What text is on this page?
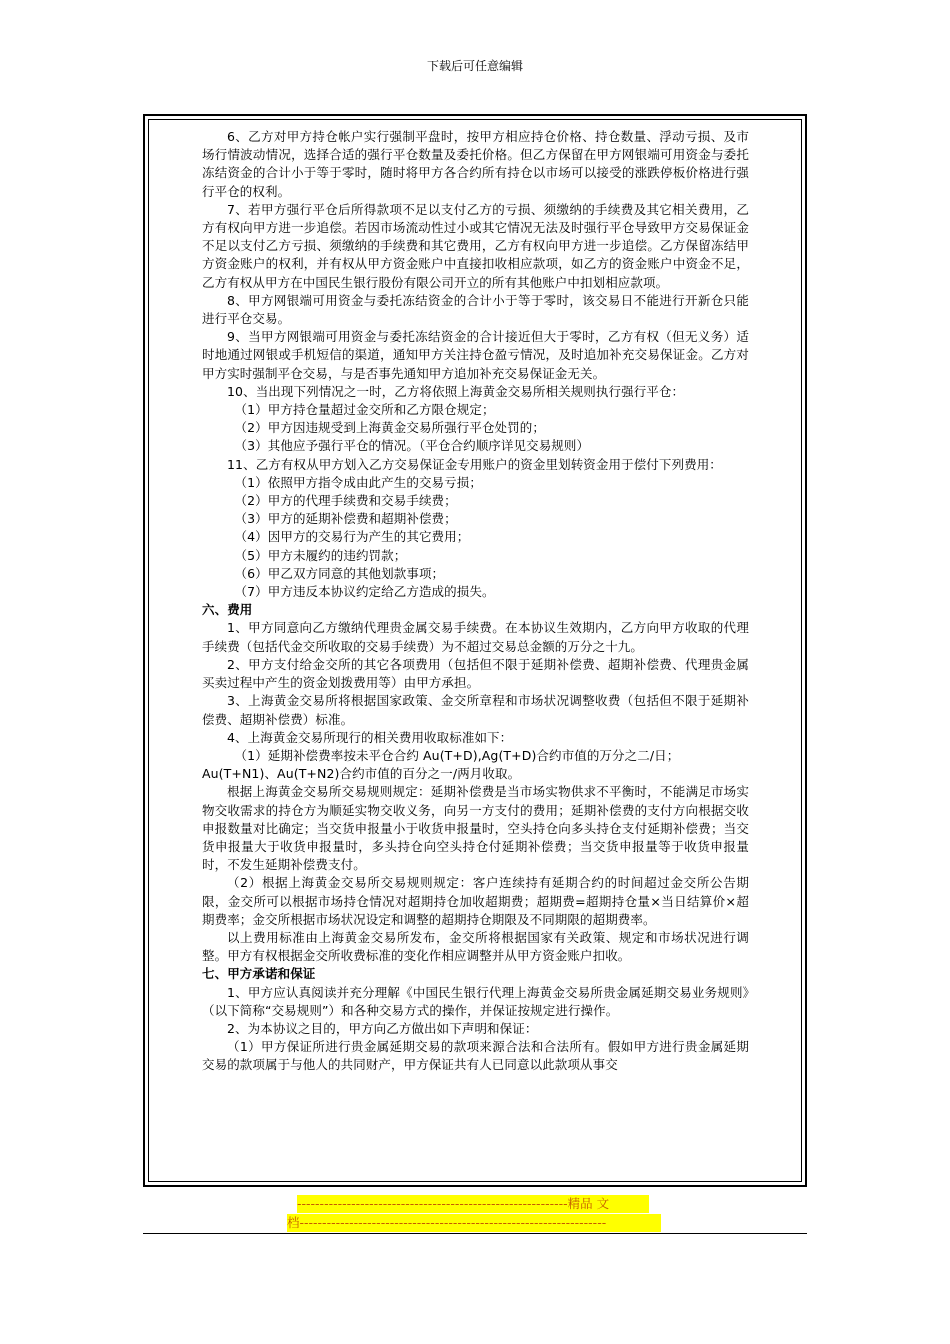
下载后可任意编辑

6、乙方对甲方持仓帐户实行强制平盘时，按甲方相应持仓价格、持仓数量、浮动亏损、及市场行情波动情况，选择合适的强行平仓数量及委托价格。但乙方保留在甲方网银端可用资金与委托冻结资金的合计小于等于零时，随时将甲方各合约所有持仓以市场可以接受的涨跌停板价格进行强行平仓的权利。

7、若甲方强行平仓后所得款项不足以支付乙方的亏损、须缴纳的手续费及其它相关费用，乙方有权向甲方进一步追偿。若因市场流动性过小或其它情况无法及时强行平仓导致甲方交易保证金不足以支付乙方亏损、须缴纳的手续费和其它费用，乙方有权向甲方进一步追偿。乙方保留冻结甲方资金账户的权利，并有权从甲方资金账户中直接扣收相应款项，如乙方的资金账户中资金不足，乙方有权从甲方在中国民生银行股份有限公司开立的所有其他账户中扣划相应款项。

8、甲方网银端可用资金与委托冻结资金的合计小于等于零时，该交易日不能进行开新仓只能进行平仓交易。

9、当甲方网银端可用资金与委托冻结资金的合计接近但大于零时，乙方有权（但无义务）适时地通过网银或手机短信的渠道，通知甲方关注持仓盈亏情况，及时追加补充交易保证金。乙方对甲方实时强制平仓交易，与是否事先通知甲方追加补充交易保证金无关。

10、当出现下列情况之一时，乙方将依照上海黄金交易所相关规则执行强行平仓：

（1）甲方持仓量超过金交所和乙方限仓规定；

（2）甲方因违规受到上海黄金交易所强行平仓处罚的；

（3）其他应予强行平仓的情况。（平仓合约顺序详见交易规则）

11、乙方有权从甲方划入乙方交易保证金专用账户的资金里划转资金用于偿付下列费用：

（1）依照甲方指令成由此产生的交易亏损；

（2）甲方的代理手续费和交易手续费；

（3）甲方的延期补偿费和超期补偿费；

（4）因甲方的交易行为产生的其它费用；

（5）甲方未履约的违约罚款；

（6）甲乙双方同意的其他划款事项；

（7）甲方违反本协议约定给乙方造成的损失。

六、费用

1、甲方同意向乙方缴纳代理贵金属交易手续费。在本协议生效期内，乙方向甲方收取的代理手续费（包括代金交所收取的交易手续费）为不超过交易总金额的万分之十九。

2、甲方支付给金交所的其它各项费用（包括但不限于延期补偿费、超期补偿费、代理贵金属买卖过程中产生的资金划拨费用等）由甲方承担。

3、上海黄金交易所将根据国家政策、金交所章程和市场状况调整收费（包括但不限于延期补偿费、超期补偿费）标准。

4、上海黄金交易所现行的相关费用收取标准如下：

（1）延期补偿费率按未平仓合约 Au(T+D),Ag(T+D)合约市值的万分之二/日；

Au(T+N1)、Au(T+N2)合约市值的百分之一/两月收取。

根据上海黄金交易所交易规则规定：延期补偿费是当市场实物供求不平衡时，不能满足市场实物交收需求的持仓方为顺延实物交收义务，向另一方支付的费用；延期补偿费的支付方向根据交收申报数量对比确定；当交货申报量小于收货申报量时，空头持仓向多头持仓支付延期补偿费；当交货申报量大于收货申报量时，多头持仓向空头持仓付延期补偿费；当交货申报量等于收货申报量时，不发生延期补偿费支付。

（2）根据上海黄金交易所交易规则规定：客户连续持有延期合约的时间超过金交所公告期限，金交所可以根据市场持仓情况对超期持仓加收超期费；超期费=超期持仓量×当日结算价×超期费率；金交所根据市场状况设定和调整的超期持仓期限及不同期限的超期费率。

以上费用标准由上海黄金交易所发布，金交所将根据国家有关政策、规定和市场状况进行调整。甲方有权根据金交所收费标准的变化作相应调整并从甲方资金账户扣收。

七、甲方承诺和保证

1、甲方应认真阅读并充分理解《中国民生银行代理上海黄金交易所贵金属延期交易业务规则》（以下简称“交易规则”）和各种交易方式的操作，并保证按规定进行操作。

2、为本协议之目的，甲方向乙方做出如下声明和保证：

（1）甲方保证所进行贵金属延期交易的款项来源合法和合法所有。假如甲方进行贵金属延期交易的款项属于与他人的共同财产，甲方保证共有人已同意以此款项从事交

------------------------------------------------------------精品 文
档--------------------------------------------------------------------
